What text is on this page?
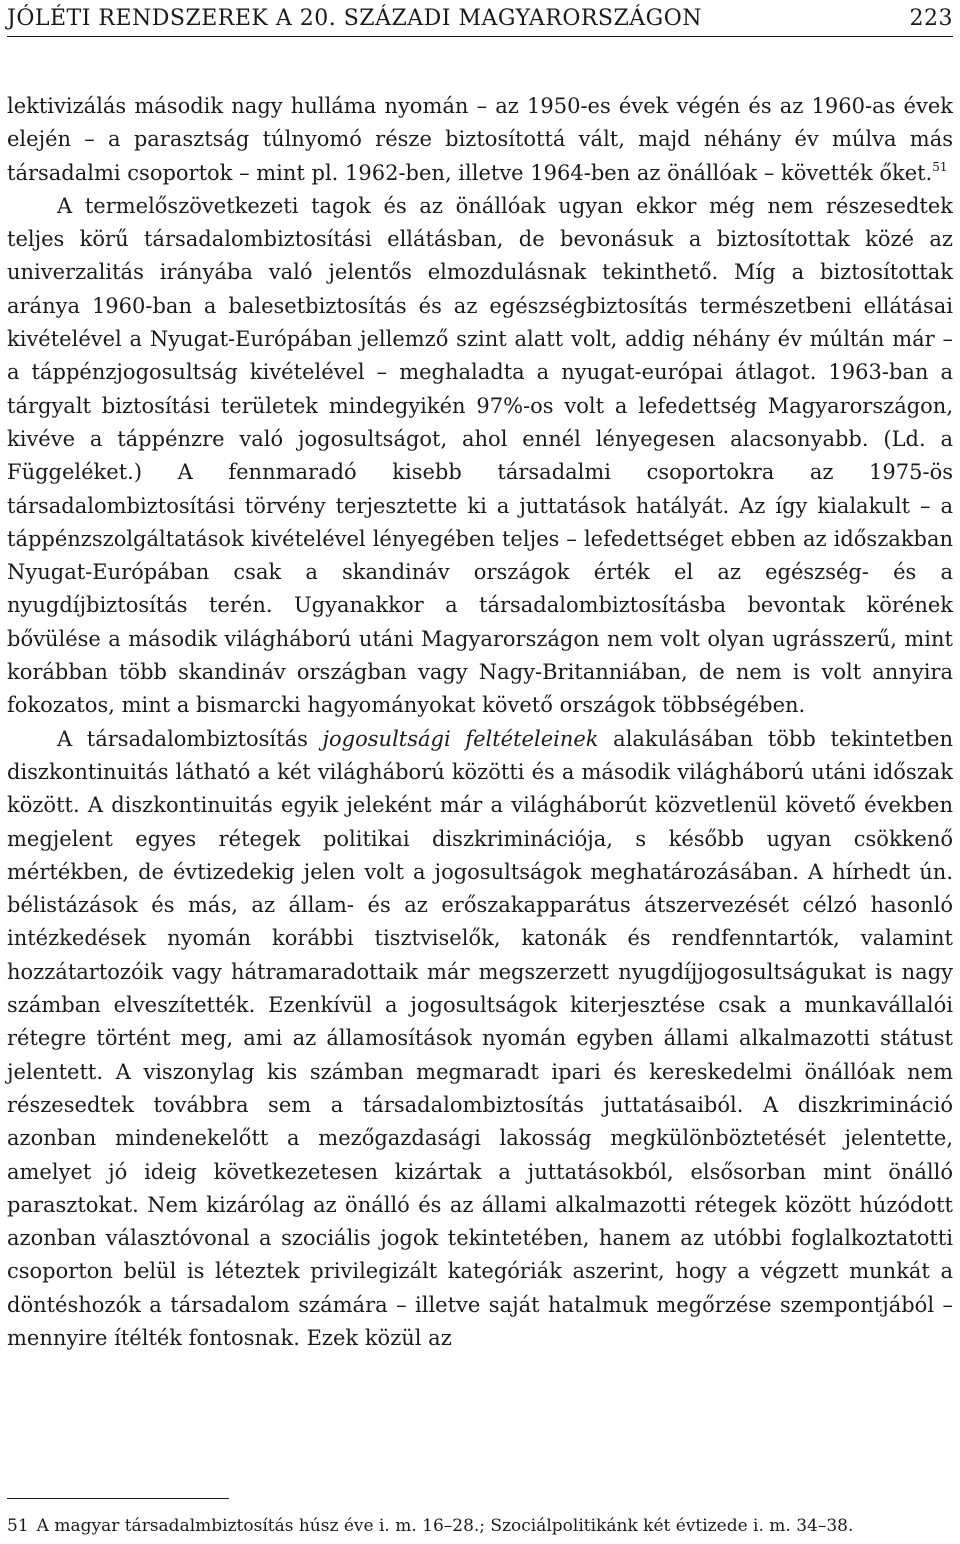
JÓLÉTI RENDSZEREK A 20. SZÁZADI MAGYARORSZÁGON	223

lektivizálás második nagy hulláma nyomán – az 1950-es évek végén és az 1960-as évek elején – a parasztság túlnyomó része biztosítottá vált, majd néhány év múlva más társadalmi csoportok – mint pl. 1962-ben, illetve 1964-ben az önállóak – követték őket.$^{51}$

A termelőszövetkezeti tagok és az önállóak ugyan ekkor még nem részesedtek teljes körű társadalombiztosítási ellátásban, de bevonásuk a biztosítottak közé az univerzalitás irányába való jelentős elmozdulásnak tekinthető. Míg a biztosítottak aránya 1960-ban a balesetbiztosítás és az egészségbiztosítás természetbeni ellátásai kivételével a Nyugat-Európában jellemző szint alatt volt, addig néhány év múltán már – a táppénzjogosultság kivételével – meghaladta a nyugat-európai átlagot. 1963-ban a tárgyalt biztosítási területek mindegyikén 97%-os volt a lefedettség Magyarországon, kivéve a táppénzre való jogosultságot, ahol ennél lényegesen alacsonyabb. (Ld. a Függeléket.) A fennmaradó kisebb társadalmi csoportokra az 1975-ös társadalombiztosítási törvény terjesztette ki a juttatások hatályát. Az így kialakult – a táppénzszolgáltatások kivételével lényegében teljes – lefedettséget ebben az időszakban Nyugat-Európában csak a skandináv országok érték el az egészség- és a nyugdíjbiztosítás terén. Ugyanakkor a társadalombiztosításba bevontak körének bővülése a második világháború utáni Magyarországon nem volt olyan ugrásszerű, mint korábban több skandináv országban vagy Nagy-Britanniában, de nem is volt annyira fokozatos, mint a bismarcki hagyományokat követő országok többségében.

A társadalombiztosítás jogosultsági feltételeinek alakulásában több tekintetben diszkontinuitás látható a két világháború közötti és a második világháború utáni időszak között. A diszkontinuitás egyik jeleként már a világháborút közvetlenül követő években megjelent egyes rétegek politikai diszkriminációja, s később ugyan csökkenő mértékben, de évtizedekig jelen volt a jogosultságok meghatározásában. A hírhedt ún. bélistázások és más, az állam- és az erőszakapparátus átszervezését célzó hasonló intézkedések nyomán korábbi tisztviselők, katonák és rendfenntartók, valamint hozzátartozóik vagy hátramaradottaik már megszerzett nyugdíjjogosultságukat is nagy számban elveszítették. Ezenkívül a jogosultságok kiterjesztése csak a munkavállalói rétegre történt meg, ami az államosítások nyomán egyben állami alkalmazotti státust jelentett. A viszonylag kis számban megmaradt ipari és kereskedelmi önállóak nem részesedtek továbbra sem a társadalombiztosítás juttatásaiból. A diszkrimináció azonban mindenekelőtt a mezőgazdasági lakosság megkülönböztetését jelentette, amelyet jó ideig következetesen kizártak a juttatásokból, elsősorban mint önálló parasztokat. Nem kizárólag az önálló és az állami alkalmazotti rétegek között húzódott azonban választóvonal a szociális jogok tekintetében, hanem az utóbbi foglalkoztatotti csoporton belül is léteztek privilegizált kategóriák aszerint, hogy a végzett munkát a döntéshozók a társadalom számára – illetve saját hatalmuk megőrzése szempontjából – mennyire ítélték fontosnak. Ezek közül az

51 A magyar társadalmbiztosítás húsz éve i. m. 16–28.; Szociálpolitikánk két évtizede i. m. 34–38.
